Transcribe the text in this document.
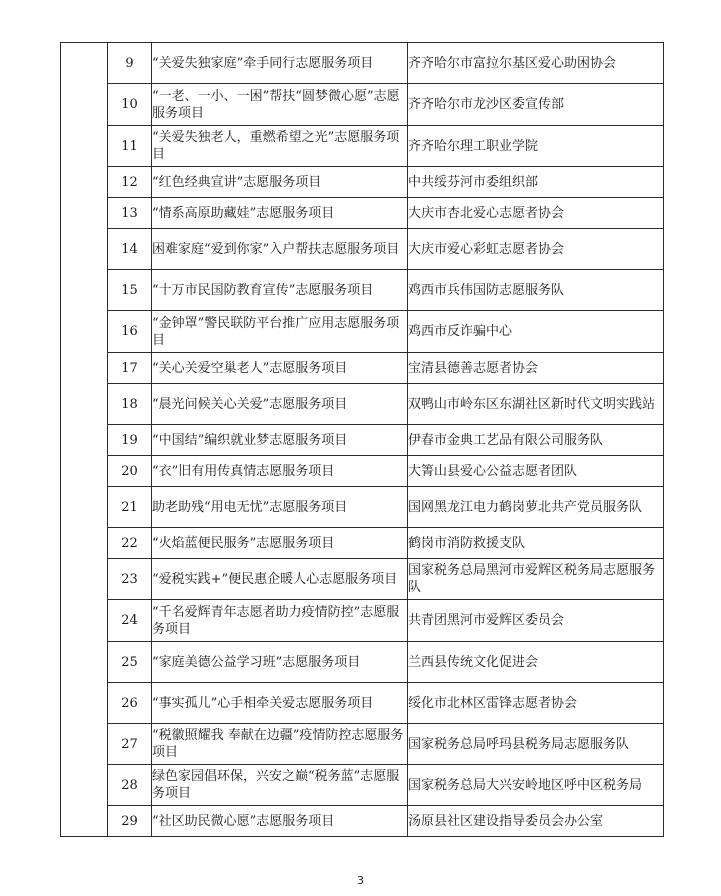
	9	“关爱失独家庭”牵手同行志愿服务项目	齐齐哈尔市富拉尔基区爱心助困协会
	10	“一老、一小、一困”帮扶“圆梦微心愿”志愿服务项目	齐齐哈尔市龙沙区委宣传部
	11	“关爱失独老人，重燃希望之光”志愿服务项目	齐齐哈尔理工职业学院
	12	“红色经典宣讲”志愿服务项目	中共绥芬河市委组织部
	13	“情系高原助藏娃”志愿服务项目	大庆市杏北爱心志愿者协会
	14	困难家庭“爱到你家”入户帮扶志愿服务项目	大庆市爱心彩虹志愿者协会
	15	“十万市民国防教育宣传”志愿服务项目	鸡西市兵伟国防志愿服务队
	16	“金钟罩”警民联防平台推广应用志愿服务项目	鸡西市反诈骗中心
	17	“关心关爱空巢老人”志愿服务项目	宝清县德善志愿者协会
	18	“晨光问候关心关爱”志愿服务项目	双鸭山市岭东区东湖社区新时代文明实践站
	19	“中国结”编织就业梦志愿服务项目	伊春市金典工艺品有限公司服务队
	20	“衣”旧有用传真情志愿服务项目	大箐山县爱心公益志愿者团队
	21	助老助残“用电无忧”志愿服务项目	国网黑龙江电力鹤岗萝北共产党员服务队
	22	“火焰蓝便民服务”志愿服务项目	鹤岗市消防救援支队
	23	“爱税实践+”便民惠企暖人心志愿服务项目	国家税务总局黑河市爱辉区税务局志愿服务队
	24	“千名爱辉青年志愿者助力疫情防控”志愿服务项目	共青团黑河市爱辉区委员会
	25	“家庭美德公益学习班”志愿服务项目	兰西县传统文化促进会
	26	“事实孤儿”心手相牵关爱志愿服务项目	绥化市北林区雷锋志愿者协会
	27	“税徽照耀我 奉献在边疆”疫情防控志愿服务项目	国家税务总局呼玛县税务局志愿服务队
	28	绿色家园倡环保，兴安之巅“税务蓝”志愿服务项目	国家税务总局大兴安岭地区呼中区税务局
	29	“社区助民微心愿”志愿服务项目	汤原县社区建设指导委员会办公室
3
